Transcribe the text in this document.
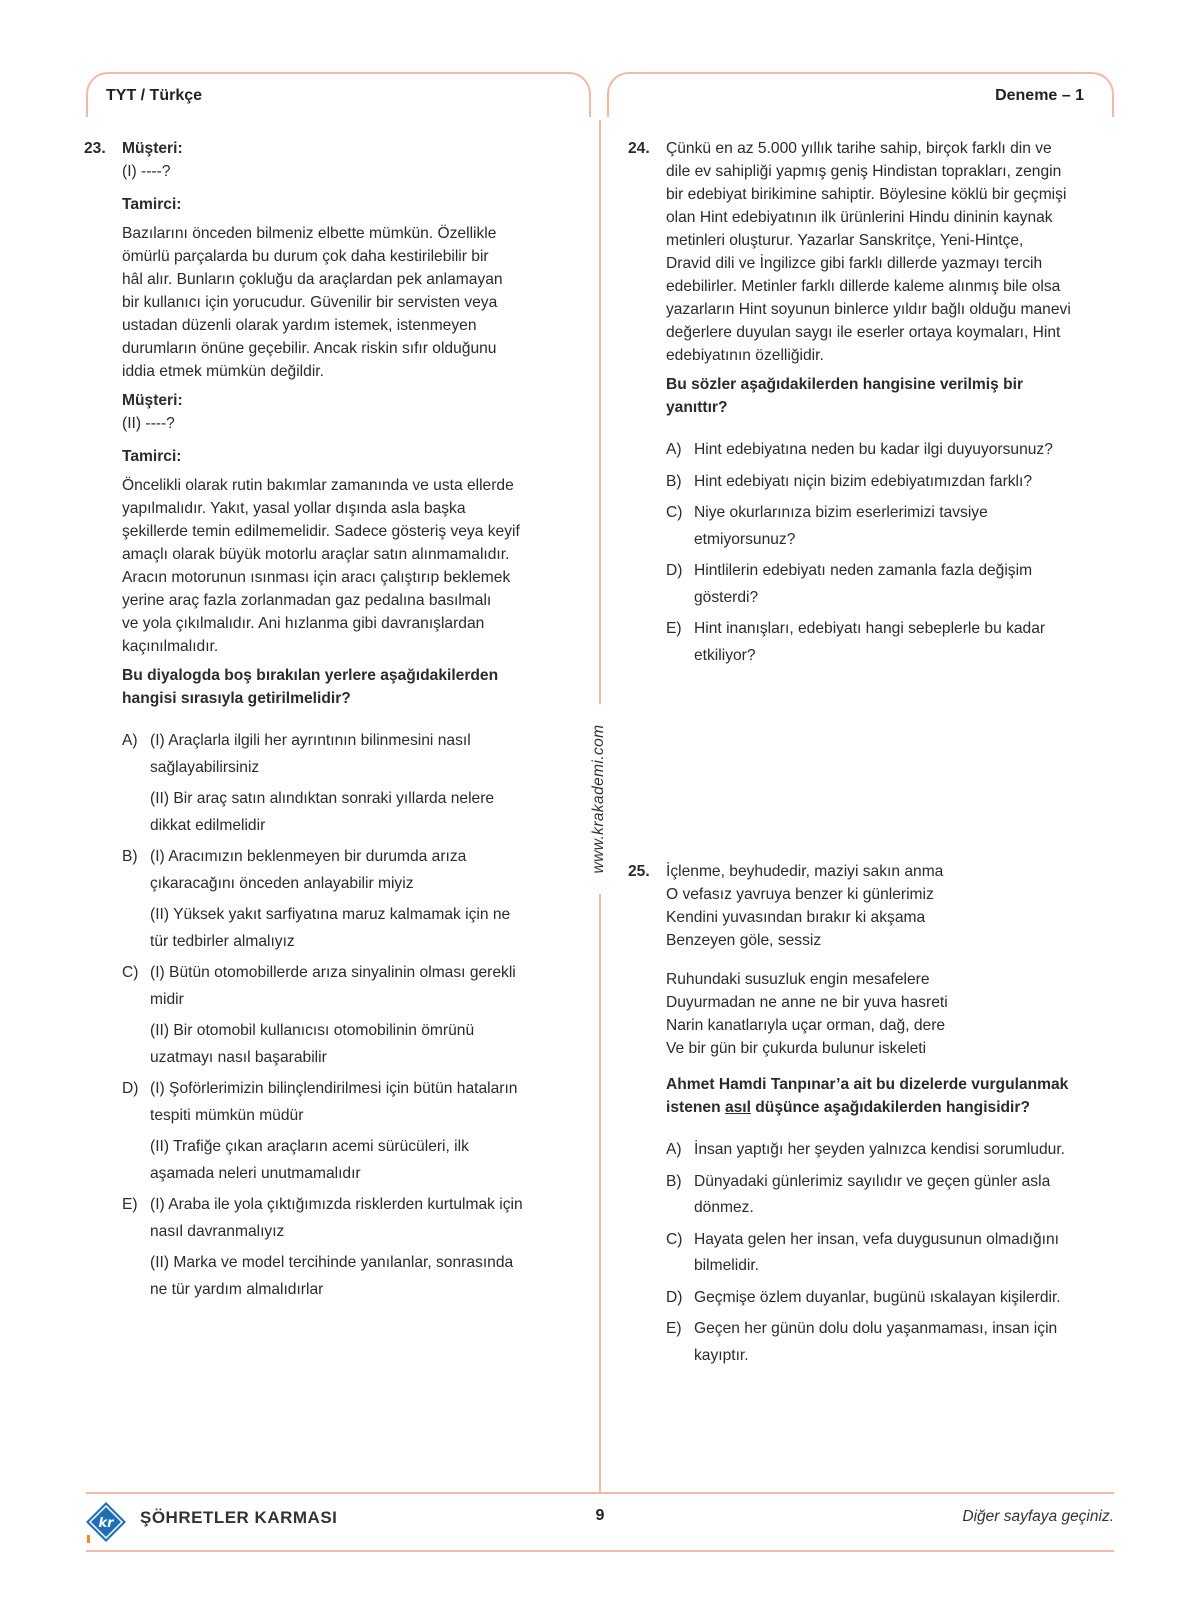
TYT / Türkçe	Deneme – 1
www.krakademi.com
23. Müşteri:

(I) ----?

Tamirci:

Bazılarını önceden bilmeniz elbette mümkün. Özellikle

ömürlü parçalarda bu durum çok daha kestirilebilir bir

hâl alır. Bunların çokluğu da araçlardan pek anlamayan

bir kullanıcı için yorucudur. Güvenilir bir servisten veya

ustadan düzenli olarak yardım istemek, istenmeyen

durumların önüne geçebilir. Ancak riskin sıfır olduğunu

iddia etmek mümkün değildir.

Müşteri:

(II) ----?

Tamirci:

Öncelikli olarak rutin bakımlar zamanında ve usta ellerde

yapılmalıdır. Yakıt, yasal yollar dışında asla başka

şekillerde temin edilmemelidir. Sadece gösteriş veya keyif

amaçlı olarak büyük motorlu araçlar satın alınmamalıdır.

Aracın motorunun ısınması için aracı çalıştırıp beklemek

yerine araç fazla zorlanmadan gaz pedalına basılmalı

ve yola çıkılmalıdır. Ani hızlanma gibi davranışlardan

kaçınılmalıdır.

Bu diyalogda boş bırakılan yerlere aşağıdakilerden

hangisi sırasıyla getirilmelidir?

A) (I) Araçlarla ilgili her ayrıntının bilinmesini nasıl
sağlayabilirsiniz
(II) Bir araç satın alındıktan sonraki yıllarda nelere
dikkat edilmelidir
B) (I) Aracımızın beklenmeyen bir durumda arıza
çıkaracağını önceden anlayabilir miyiz
(II) Yüksek yakıt sarfiyatına maruz kalmamak için ne
tür tedbirler almalıyız
C) (I) Bütün otomobillerde arıza sinyalinin olması gerekli
midir
(II) Bir otomobil kullanıcısı otomobilinin ömrünü
uzatmayı nasıl başarabilir
D) (I) Şoförlerimizin bilinçlendirilmesi için bütün hataların
tespiti mümkün müdür
(II) Trafiğe çıkan araçların acemi sürücüleri, ilk
aşamada neleri unutmamalıdır
E) (I) Araba ile yola çıktığımızda risklerden kurtulmak için
nasıl davranmalıyız
(II) Marka ve model tercihinde yanılanlar, sonrasında
ne tür yardım almalıdırlar
24. Çünkü en az 5.000 yıllık tarihe sahip, birçok farklı din ve

dile ev sahipliği yapmış geniş Hindistan toprakları, zengin

bir edebiyat birikimine sahiptir. Böylesine köklü bir geçmişi

olan Hint edebiyatının ilk ürünlerini Hindu dininin kaynak

metinleri oluşturur. Yazarlar Sanskritçe, Yeni-Hintçe,

Dravid dili ve İngilizce gibi farklı dillerde yazmayı tercih

edebilirler. Metinler farklı dillerde kaleme alınmış bile olsa

yazarların Hint soyunun binlerce yıldır bağlı olduğu manevi

değerlere duyulan saygı ile eserler ortaya koymaları, Hint

edebiyatının özelliğidir.

Bu sözler aşağıdakilerden hangisine verilmiş bir

yanıttır?

A) Hint edebiyatına neden bu kadar ilgi duyuyorsunuz?
B) Hint edebiyatı niçin bizim edebiyatımızdan farklı?
C) Niye okurlarınıza bizim eserlerimizi tavsiye
etmiyorsunuz?
D) Hintlilerin edebiyatı neden zamanla fazla değişim
gösterdi?
E) Hint inanışları, edebiyatı hangi sebeplerle bu kadar
etkiliyor?
25. İçlenme, beyhudedir, maziyi sakın anma

O vefasız yavruya benzer ki günlerimiz

Kendini yuvasından bırakır ki akşama

Benzeyen göle, sessiz

Ruhundaki susuzluk engin mesafelere

Duyurmadan ne anne ne bir yuva hasreti

Narin kanatlarıyla uçar orman, dağ, dere

Ve bir gün bir çukurda bulunur iskeleti

Ahmet Hamdi Tanpınar’a ait bu dizelerde vurgulanmak

istenen asıl düşünce aşağıdakilerden hangisidir?

A) İnsan yaptığı her şeyden yalnızca kendisi sorumludur.
B) Dünyadaki günlerimiz sayılıdır ve geçen günler asla
dönmez.
C) Hayata gelen her insan, vefa duygusunun olmadığını
bilmelidir.
D) Geçmişe özlem duyanlar, bugünü ıskalayan kişilerdir.
E) Geçen her günün dolu dolu yaşanmaması, insan için
kayıptır.
kr ŞÖHRETLER KARMASI	9	Diğer sayfaya geçiniz.
